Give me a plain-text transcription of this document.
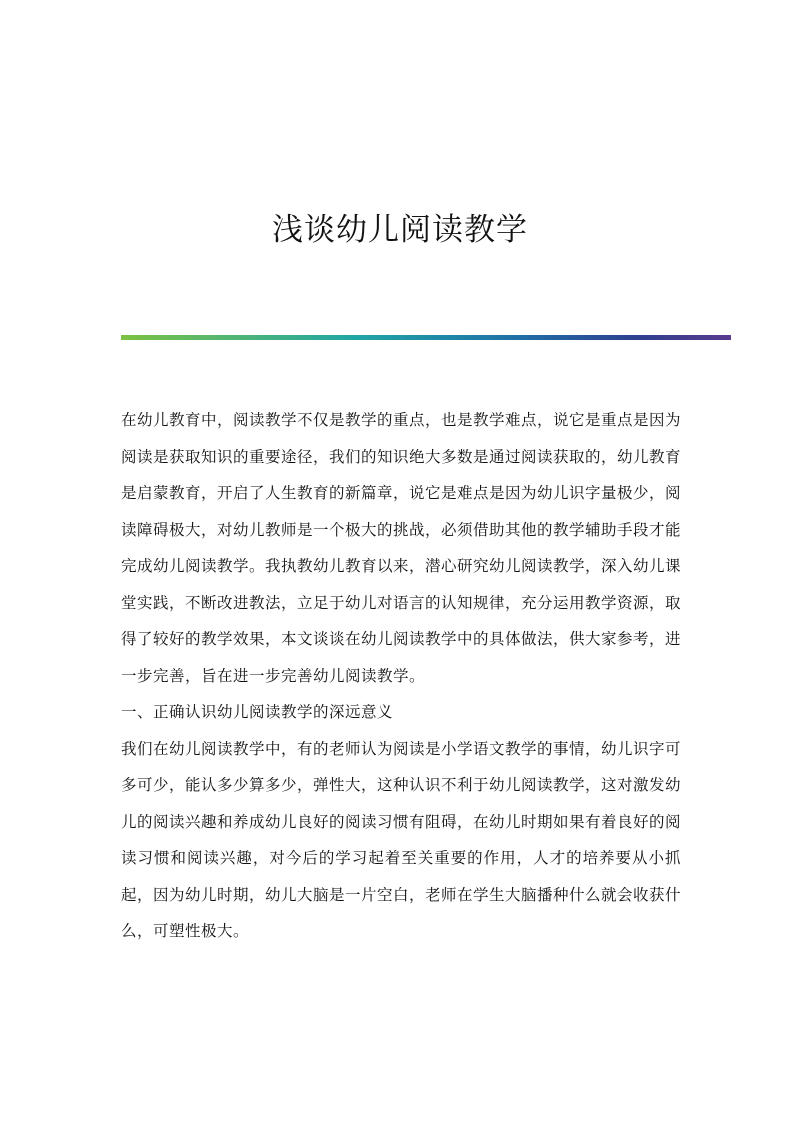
浅谈幼儿阅读教学

在幼儿教育中，阅读教学不仅是教学的重点，也是教学难点，说它是重点是因为阅读是获取知识的重要途径，我们的知识绝大多数是通过阅读获取的，幼儿教育是启蒙教育，开启了人生教育的新篇章，说它是难点是因为幼儿识字量极少，阅读障碍极大，对幼儿教师是一个极大的挑战，必须借助其他的教学辅助手段才能完成幼儿阅读教学。我执教幼儿教育以来，潜心研究幼儿阅读教学，深入幼儿课堂实践，不断改进教法，立足于幼儿对语言的认知规律，充分运用教学资源，取得了较好的教学效果，本文谈谈在幼儿阅读教学中的具体做法，供大家参考，进一步完善，旨在进一步完善幼儿阅读教学。

一、正确认识幼儿阅读教学的深远意义

我们在幼儿阅读教学中，有的老师认为阅读是小学语文教学的事情，幼儿识字可多可少，能认多少算多少，弹性大，这种认识不利于幼儿阅读教学，这对激发幼儿的阅读兴趣和养成幼儿良好的阅读习惯有阻碍，在幼儿时期如果有着良好的阅读习惯和阅读兴趣，对今后的学习起着至关重要的作用，人才的培养要从小抓起，因为幼儿时期，幼儿大脑是一片空白，老师在学生大脑播种什么就会收获什么，可塑性极大。
